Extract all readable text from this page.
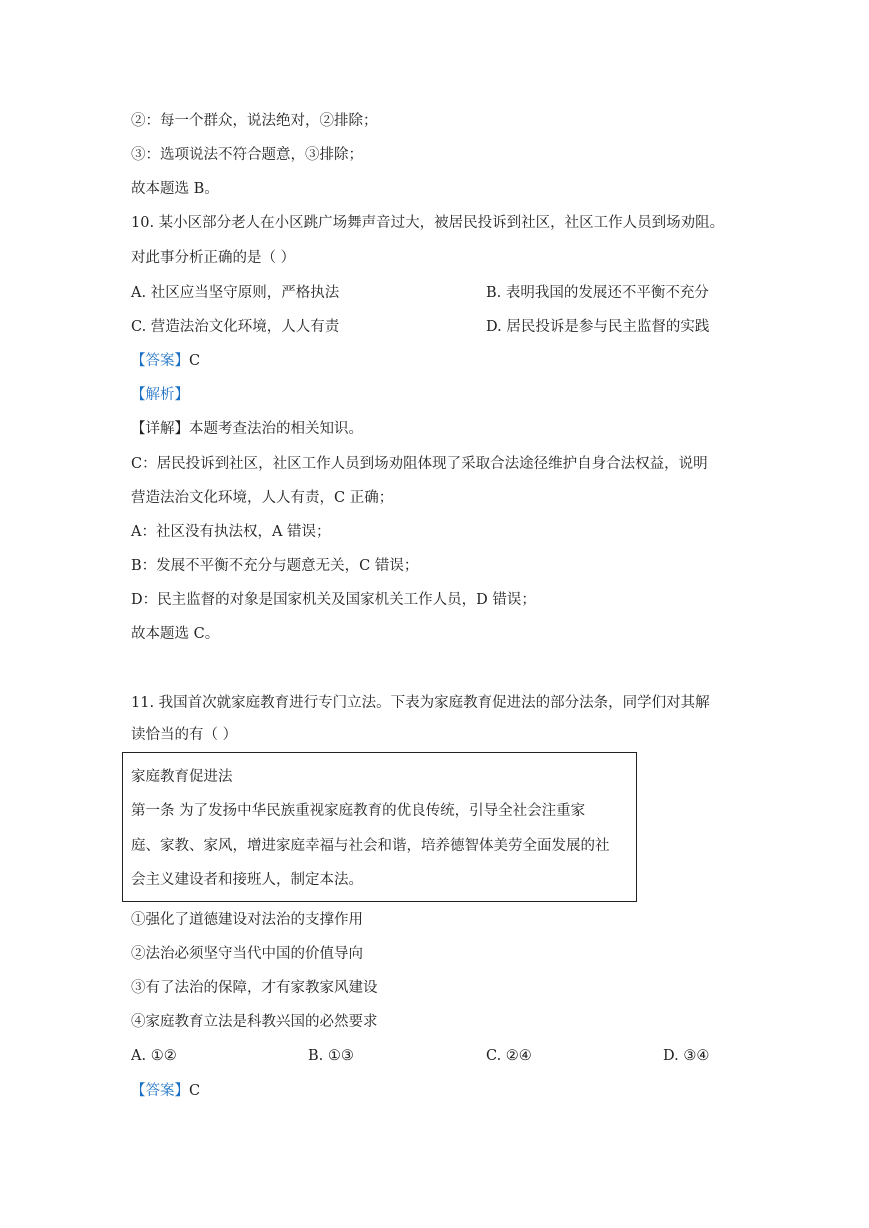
②：每一个群众，说法绝对，②排除；
③：选项说法不符合题意，③排除；
故本题选 B。
10. 某小区部分老人在小区跳广场舞声音过大，被居民投诉到社区，社区工作人员到场劝阻。
对此事分析正确的是（ ）
A. 社区应当坚守原则，严格执法	B. 表明我国的发展还不平衡不充分
C. 营造法治文化环境，人人有责	D. 居民投诉是参与民主监督的实践
【答案】C
【解析】
【详解】本题考查法治的相关知识。
C：居民投诉到社区，社区工作人员到场劝阻体现了采取合法途径维护自身合法权益，说明
营造法治文化环境，人人有责，C 正确；
A：社区没有执法权，A 错误；
B：发展不平衡不充分与题意无关，C 错误；
D：民主监督的对象是国家机关及国家机关工作人员，D 错误；
故本题选 C。
11. 我国首次就家庭教育进行专门立法。下表为家庭教育促进法的部分法条，同学们对其解
读恰当的有（ ）
家庭教育促进法
第一条 为了发扬中华民族重视家庭教育的优良传统，引导全社会注重家
庭、家教、家风，增进家庭幸福与社会和谐，培养德智体美劳全面发展的社
会主义建设者和接班人，制定本法。
①强化了道德建设对法治的支撑作用
②法治必须坚守当代中国的价值导向
③有了法治的保障，才有家教家风建设
④家庭教育立法是科教兴国的必然要求
A. ①②	B. ①③	C. ②④	D. ③④
【答案】C
